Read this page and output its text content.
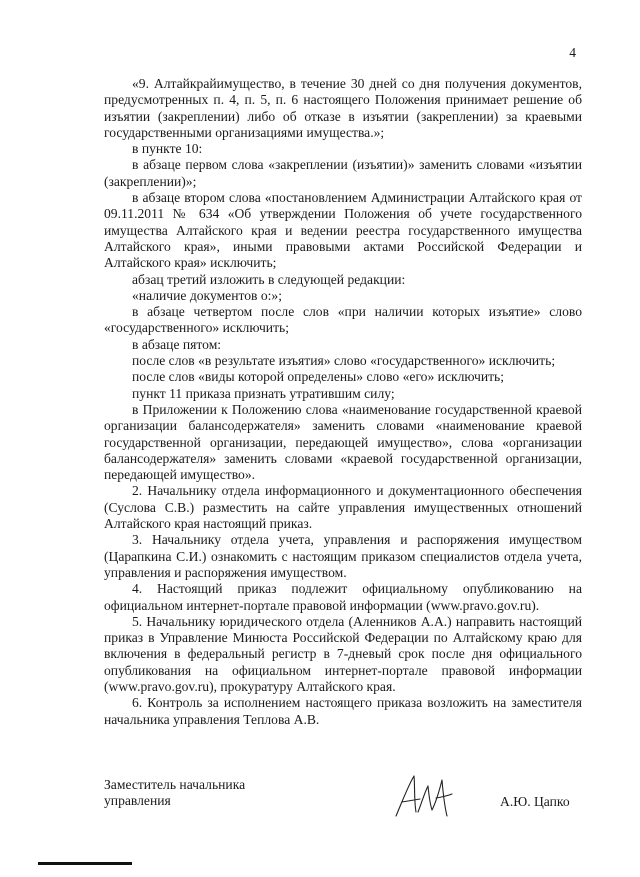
4

«9. Алтайкрайимущество, в течение 30 дней со дня получения документов, предусмотренных п. 4, п. 5, п. 6 настоящего Положения принимает решение об изъятии (закреплении) либо об отказе в изъятии (закреплении) за краевыми государственными организациями имущества.»;

в пункте 10:

в абзаце первом слова «закреплении (изъятии)» заменить словами «изъятии (закреплении)»;

в абзаце втором слова «постановлением Администрации Алтайского края от 09.11.2011 № 634 «Об утверждении Положения об учете государственного имущества Алтайского края и ведении реестра государственного имущества Алтайского края», иными правовыми актами Российской Федерации и Алтайского края» исключить;

абзац третий изложить в следующей редакции:

«наличие документов о:»;

в абзаце четвертом после слов «при наличии которых изъятие» слово «государственного» исключить;

в абзаце пятом:

после слов «в результате изъятия» слово «государственного» исключить;

после слов «виды которой определены» слово «его» исключить;

пункт 11 приказа признать утратившим силу;

в Приложении к Положению слова «наименование государственной краевой организации балансодержателя» заменить словами «наименование краевой государственной организации, передающей имущество», слова «организации балансодержателя» заменить словами «краевой государственной организации, передающей имущество».

2. Начальнику отдела информационного и документационного обеспечения (Суслова С.В.) разместить на сайте управления имущественных отношений Алтайского края настоящий приказ.

3. Начальнику отдела учета, управления и распоряжения имуществом (Царапкина С.И.) ознакомить с настоящим приказом специалистов отдела учета, управления и распоряжения имуществом.

4. Настоящий приказ подлежит официальному опубликованию на официальном интернет-портале правовой информации (www.pravo.gov.ru).

5. Начальнику юридического отдела (Аленников А.А.) направить настоящий приказ в Управление Минюста Российской Федерации по Алтайскому краю для включения в федеральный регистр в 7-дневый срок после дня официального опубликования на официальном интернет-портале правовой информации (www.pravo.gov.ru), прокуратуру Алтайского края.

6. Контроль за исполнением настоящего приказа возложить на заместителя начальника управления Теплова А.В.

Заместитель начальника
управления	А.Ю. Цапко
